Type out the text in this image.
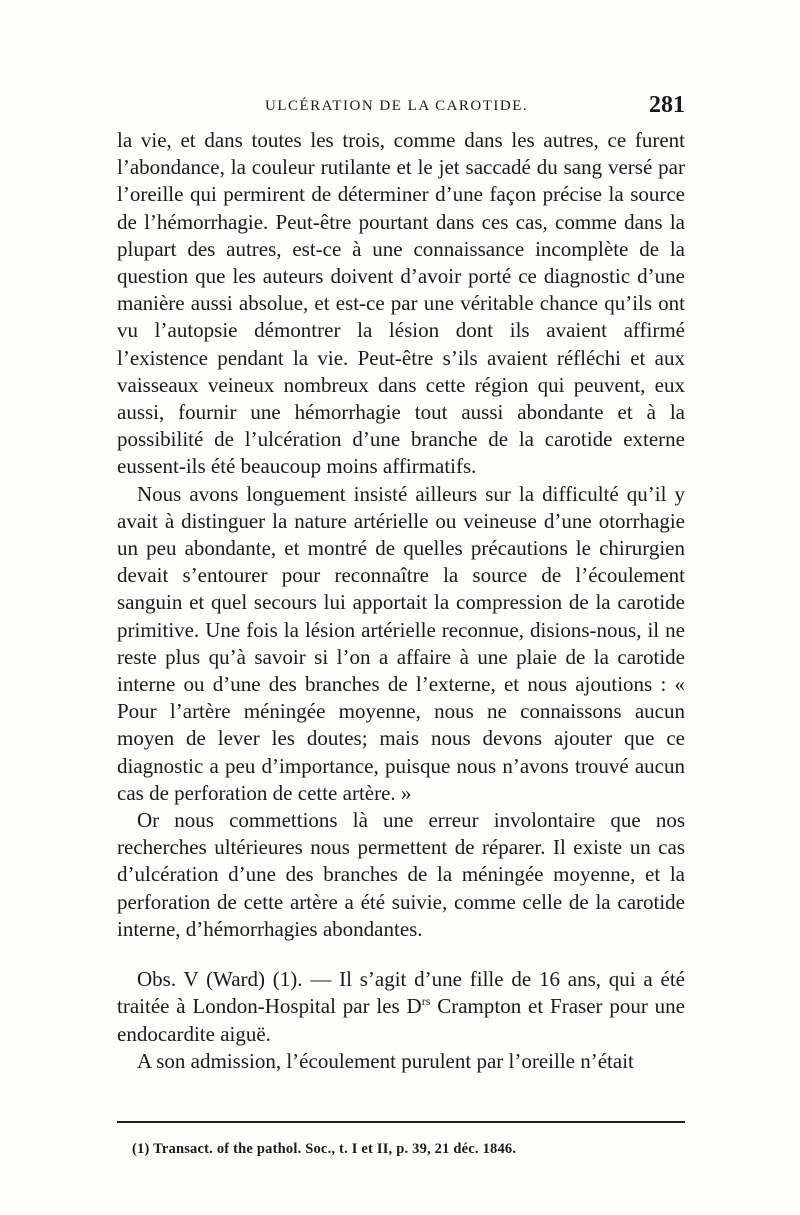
ULCÉRATION DE LA CAROTIDE.	281

la vie, et dans toutes les trois, comme dans les autres, ce furent l’abondance, la couleur rutilante et le jet saccadé du sang versé par l’oreille qui permirent de déterminer d’une façon précise la source de l’hémorrhagie. Peut-être pourtant dans ces cas, comme dans la plupart des autres, est-ce à une connaissance incomplète de la question que les auteurs doivent d’avoir porté ce diagnostic d’une manière aussi absolue, et est-ce par une véritable chance qu’ils ont vu l’autopsie démontrer la lésion dont ils avaient affirmé l’existence pendant la vie. Peut-être s’ils avaient réfléchi et aux vaisseaux veineux nombreux dans cette région qui peuvent, eux aussi, fournir une hémorrhagie tout aussi abondante et à la possibilité de l’ulcération d’une branche de la carotide externe eussent-ils été beaucoup moins affirmatifs.

Nous avons longuement insisté ailleurs sur la difficulté qu’il y avait à distinguer la nature artérielle ou veineuse d’une otorrhagie un peu abondante, et montré de quelles précautions le chirurgien devait s’entourer pour reconnaître la source de l’écoulement sanguin et quel secours lui apportait la compression de la carotide primitive. Une fois la lésion artérielle reconnue, disions-nous, il ne reste plus qu’à savoir si l’on a affaire à une plaie de la carotide interne ou d’une des branches de l’externe, et nous ajoutions : « Pour l’artère méningée moyenne, nous ne connaissons aucun moyen de lever les doutes; mais nous devons ajouter que ce diagnostic a peu d’importance, puisque nous n’avons trouvé aucun cas de perforation de cette artère. »

Or nous commettions là une erreur involontaire que nos recherches ultérieures nous permettent de réparer. Il existe un cas d’ulcération d’une des branches de la méningée moyenne, et la perforation de cette artère a été suivie, comme celle de la carotide interne, d’hémorrhagies abondantes.

Obs. V (Ward) (1). — Il s’agit d’une fille de 16 ans, qui a été traitée à London-Hospital par les $D^{rs}$ Crampton et Fraser pour une endocardite aiguë.

A son admission, l’écoulement purulent par l’oreille n’était

(1) Transact. of the pathol. Soc., t. I et II, p. 39, 21 déc. 1846.
